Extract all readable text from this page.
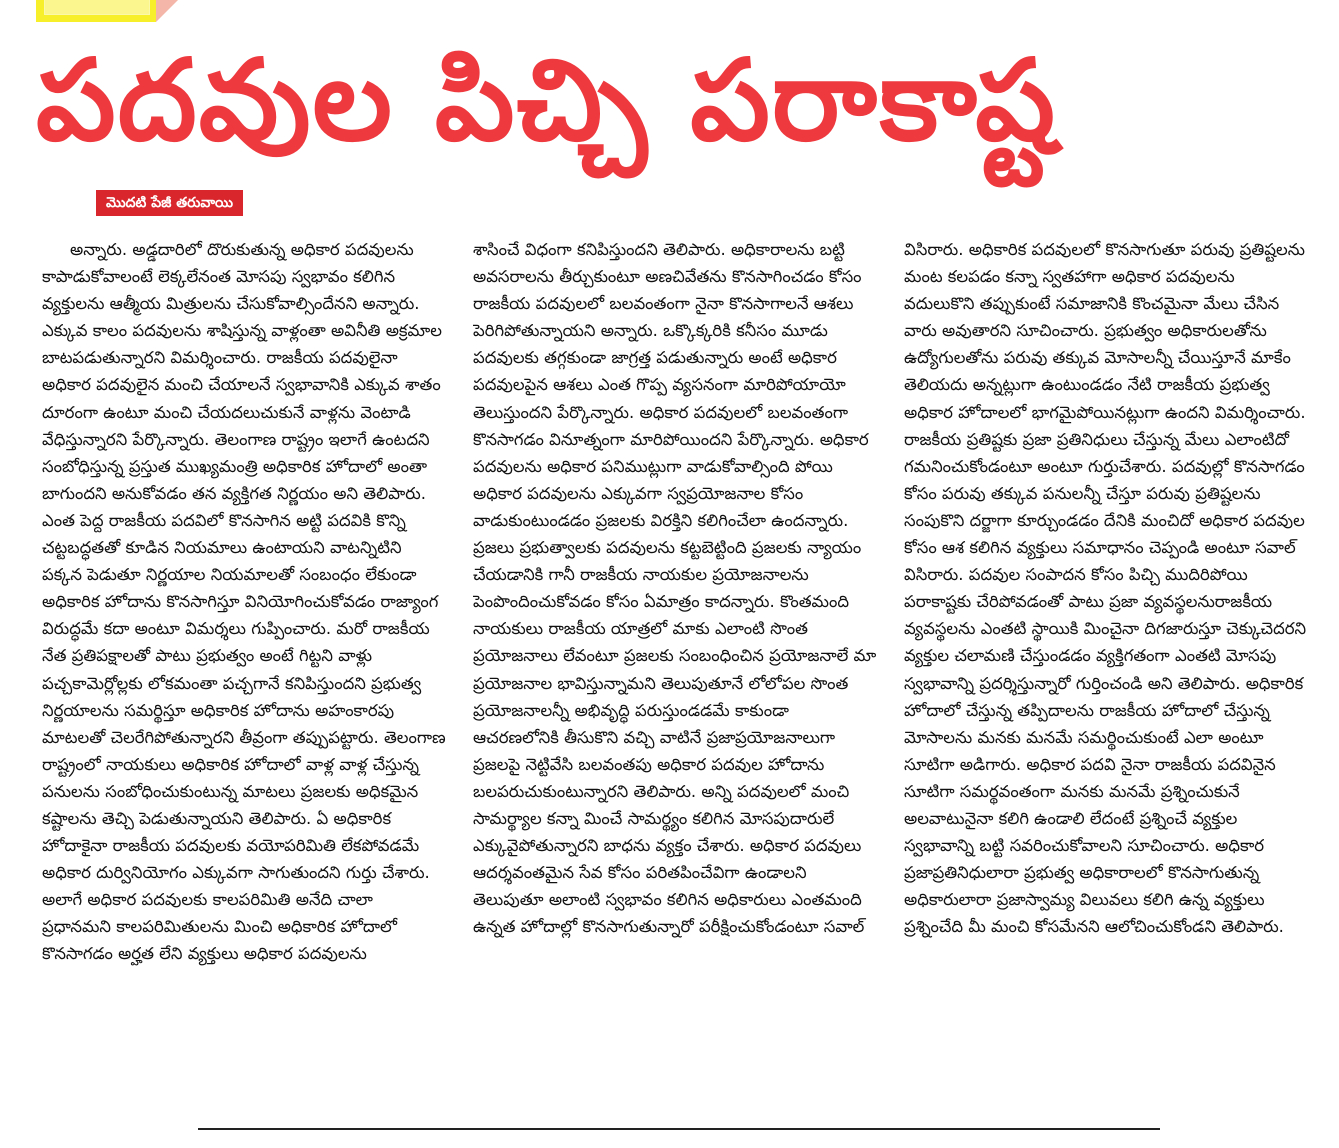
పదవుల పిచ్చి పరాకాష్ట
మొదటి పేజీ తరువాయి

అన్నారు. అడ్డదారిలో దొరుకుతున్న అధికార పదవులను కాపాడుకోవాలంటే లెక్కలేనంత మోసపు స్వభావం కలిగిన వ్యక్తులను ఆత్మీయ మిత్రులను చేసుకోవాల్సిందేనని అన్నారు. ఎక్కువ కాలం పదవులను శాషిస్తున్న వాళ్లంతా అవినీతి అక్రమాల బాటపడుతున్నారని విమర్శించారు. రాజకీయ పదవులైనా అధికార పదవులైన మంచి చేయాలనే స్వభావానికి ఎక్కువ శాతం దూరంగా ఉంటూ మంచి చేయదలుచుకునే వాళ్లను వెంటాడి వేధిస్తున్నారని పేర్కొన్నారు. తెలంగాణ రాష్ట్రం ఇలాగే ఉంటదని సంబోధిస్తున్న ప్రస్తుత ముఖ్యమంత్రి అధికారిక హోదాలో అంతా బాగుందని అనుకోవడం తన వ్యక్తిగత నిర్ణయం అని తెలిపారు. ఎంత పెద్ద రాజకీయ పదవిలో కొనసాగిన అట్టి పదవికి కొన్ని చట్టబద్ధతతో కూడిన నియమాలు ఉంటాయని వాటన్నిటిని పక్కన పెడుతూ నిర్ణయాల నియమాలతో సంబంధం లేకుండా అధికారిక హోదాను కొనసాగిస్తూ వినియోగించుకోవడం రాజ్యాంగ విరుద్ధమే కదా అంటూ విమర్శలు గుప్పించారు. మరో రాజకీయ నేత ప్రతిపక్షాలతో పాటు ప్రభుత్వం అంటే గిట్టని వాళ్లు పచ్చకామెర్లోల్లకు లోకమంతా పచ్చగానే కనిపిస్తుందని ప్రభుత్వ నిర్ణయాలను సమర్థిస్తూ అధికారిక హోదాను అహంకారపు మాటలతో చెలరేగిపోతున్నారని తీవ్రంగా తప్పుపట్టారు. తెలంగాణ రాష్ట్రంలో నాయకులు అధికారిక హోదాలో వాళ్ల వాళ్ల చేస్తున్న పనులను సంబోధించుకుంటున్న మాటలు ప్రజలకు అధికమైన కష్టాలను తెచ్చి పెడుతున్నాయని తెలిపారు. ఏ అధికారిక హోదాకైనా రాజకీయ పదవులకు వయోపరిమితి లేకపోవడమే అధికార దుర్వినియోగం ఎక్కువగా సాగుతుందని గుర్తు చేశారు. అలాగే అధికార పదవులకు కాలపరిమితి అనేది చాలా ప్రధానమని కాలపరిమితులను మించి అధికారిక హోదాలో కొనసాగడం అర్హత లేని వ్యక్తులు అధికార పదవులను

శాసించే విధంగా కనిపిస్తుందని తెలిపారు. అధికారాలను బట్టి అవసరాలను తీర్చుకుంటూ అణచివేతను కొనసాగించడం కోసం రాజకీయ పదవులలో బలవంతంగా నైనా కొనసాగాలనే ఆశలు పెరిగిపోతున్నాయని అన్నారు. ఒక్కొక్కరికి కనీసం మూడు పదవులకు తగ్గకుండా జాగ్రత్త పడుతున్నారు అంటే అధికార పదవులపైన ఆశలు ఎంత గొప్ప వ్యసనంగా మారిపోయాయో తెలుస్తుందని పేర్కొన్నారు. అధికార పదవులలో బలవంతంగా కొనసాగడం వినూత్నంగా మారిపోయిందని పేర్కొన్నారు. అధికార పదవులను అధికార పనిముట్లుగా వాడుకోవాల్సింది పోయి అధికార పదవులను ఎక్కువగా స్వప్రయోజనాల కోసం వాడుకుంటుండడం ప్రజలకు విరక్తిని కలిగించేలా ఉందన్నారు. ప్రజలు ప్రభుత్వాలకు పదవులను కట్టబెట్టింది ప్రజలకు న్యాయం చేయడానికి గానీ రాజకీయ నాయకుల ప్రయోజనాలను పెంపొందించుకోవడం కోసం ఏమాత్రం కాదన్నారు. కొంతమంది నాయకులు రాజకీయ యాత్రలో మాకు ఎలాంటి సొంత ప్రయోజనాలు లేవంటూ ప్రజలకు సంబంధించిన ప్రయోజనాలే మా ప్రయోజనాల భావిస్తున్నామని తెలుపుతూనే లోలోపల సొంత ప్రయోజనాలన్నీ అభివృద్ధి పరుస్తుండడమే కాకుండా ఆచరణలోనికి తీసుకొని వచ్చి వాటినే ప్రజాప్రయోజనాలుగా ప్రజలపై నెట్టివేసి బలవంతపు అధికార పదవుల హోదాను బలపరుచుకుంటున్నారని తెలిపారు. అన్ని పదవులలో మంచి సామర్థ్యాల కన్నా మించే సామర్థ్యం కలిగిన మోసపుదారులే ఎక్కువైపోతున్నారని బాధను వ్యక్తం చేశారు. అధికార పదవులు ఆదర్శవంతమైన సేవ కోసం పరితపించేవిగా ఉండాలని తెలుపుతూ అలాంటి స్వభావం కలిగిన అధికారులు ఎంతమంది ఉన్నత హోదాల్లో కొనసాగుతున్నారో పరీక్షించుకోండంటూ సవాల్

విసిరారు. అధికారిక పదవులలో కొనసాగుతూ పరువు ప్రతిష్టలను మంట కలపడం కన్నా స్వతహాగా అధికార పదవులను వదులుకొని తప్పుకుంటే సమాజానికి కొంచమైనా మేలు చేసిన వారు అవుతారని సూచించారు. ప్రభుత్వం అధికారులతోను ఉద్యోగులతోను పరువు తక్కువ మోసాలన్నీ చేయిస్తూనే మాకేం తెలియదు అన్నట్లుగా ఉంటుండడం నేటి రాజకీయ ప్రభుత్వ అధికార హోదాలలో భాగమైపోయినట్లుగా ఉందని విమర్శించారు. రాజకీయ ప్రతిష్టకు ప్రజా ప్రతినిధులు చేస్తున్న మేలు ఎలాంటిదో గమనించుకోండంటూ అంటూ గుర్తుచేశారు. పదవుల్లో కొనసాగడం కోసం పరువు తక్కువ పనులన్నీ చేస్తూ పరువు ప్రతిష్టలను సంపుకొని దర్జాగా కూర్చుండడం దేనికి మంచిదో అధికార పదవుల కోసం ఆశ కలిగిన వ్యక్తులు సమాధానం చెప్పండి అంటూ సవాల్ విసిరారు. పదవుల సంపాదన కోసం పిచ్చి ముదిరిపోయి పరాకాష్టకు చేరిపోవడంతో పాటు ప్రజా వ్యవస్థలనురాజకీయ వ్యవస్థలను ఎంతటి స్థాయికి మించైనా దిగజారుస్తూ చెక్కుచెదరని వ్యక్తుల చలామణి చేస్తుండడం వ్యక్తిగతంగా ఎంతటి మోసపు స్వభావాన్ని ప్రదర్శిస్తున్నారో గుర్తించండి అని తెలిపారు. అధికారిక హోదాలో చేస్తున్న తప్పిదాలను రాజకీయ హోదాలో చేస్తున్న మోసాలను మనకు మనమే సమర్థించుకుంటే ఎలా అంటూ సూటిగా అడిగారు. అధికార పదవి నైనా రాజకీయ పదవినైన సూటిగా సమర్థవంతంగా మనకు మనమే ప్రశ్నించుకునే అలవాటునైనా కలిగి ఉండాలి లేదంటే ప్రశ్నించే వ్యక్తుల స్వభావాన్ని బట్టి సవరించుకోవాలని సూచించారు. అధికార ప్రజాప్రతినిధులారా ప్రభుత్వ అధికారాలలో కొనసాగుతున్న అధికారులారా ప్రజాస్వామ్య విలువలు కలిగి ఉన్న వ్యక్తులు ప్రశ్నించేది మీ మంచి కోసమేనని ఆలోచించుకోండని తెలిపారు.
